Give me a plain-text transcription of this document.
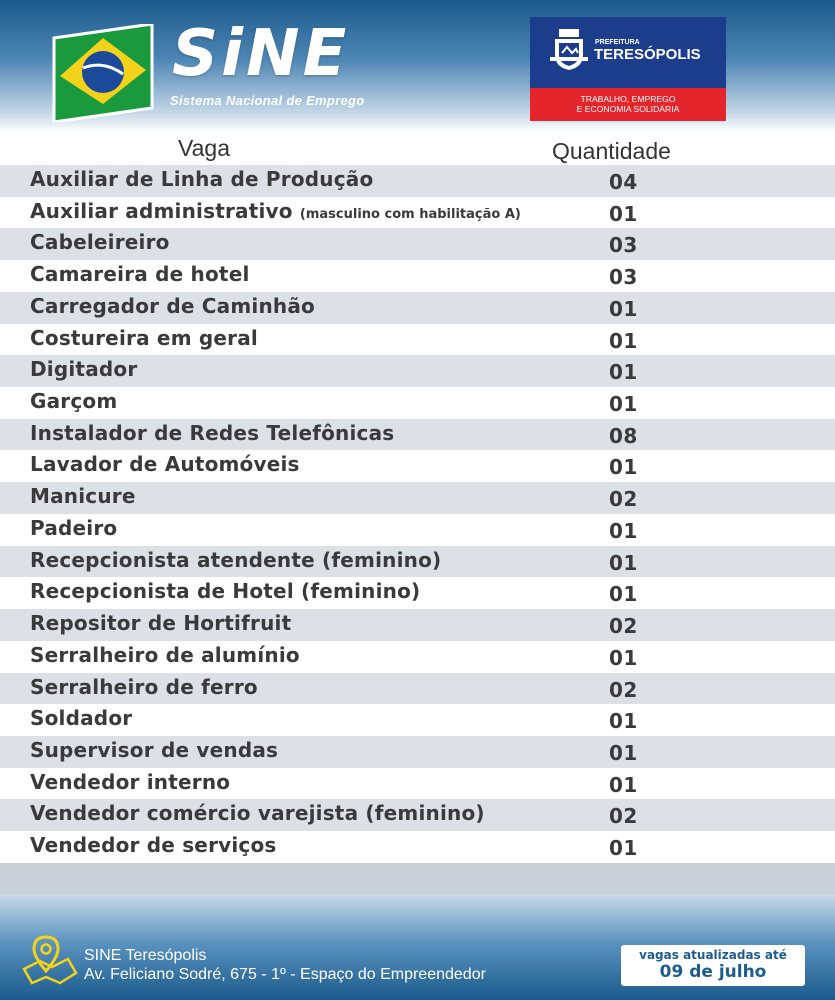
SiNE
Sistema Nacional de Emprego
PREFEITURA
TERESÓPOLIS
TRABALHO, EMPREGO
E ECONOMIA SOLIDÁRIA
Vaga	Quantidade
Auxiliar de Linha de Produção	04
Auxiliar administrativo (masculino com habilitação A)	01
Cabeleireiro	03
Camareira de hotel	03
Carregador de Caminhão	01
Costureira em geral	01
Digitador	01
Garçom	01
Instalador de Redes Telefônicas	08
Lavador de Automóveis	01
Manicure	02
Padeiro	01
Recepcionista atendente (feminino)	01
Recepcionista de Hotel (feminino)	01
Repositor de Hortifruit	02
Serralheiro de alumínio	01
Serralheiro de ferro	02
Soldador	01
Supervisor de vendas	01
Vendedor interno	01
Vendedor comércio varejista (feminino)	02
Vendedor de serviços	01
SINE Teresópolis
Av. Feliciano Sodré, 675 - 1º - Espaço do Empreendedor
vagas atualizadas até
09 de julho
